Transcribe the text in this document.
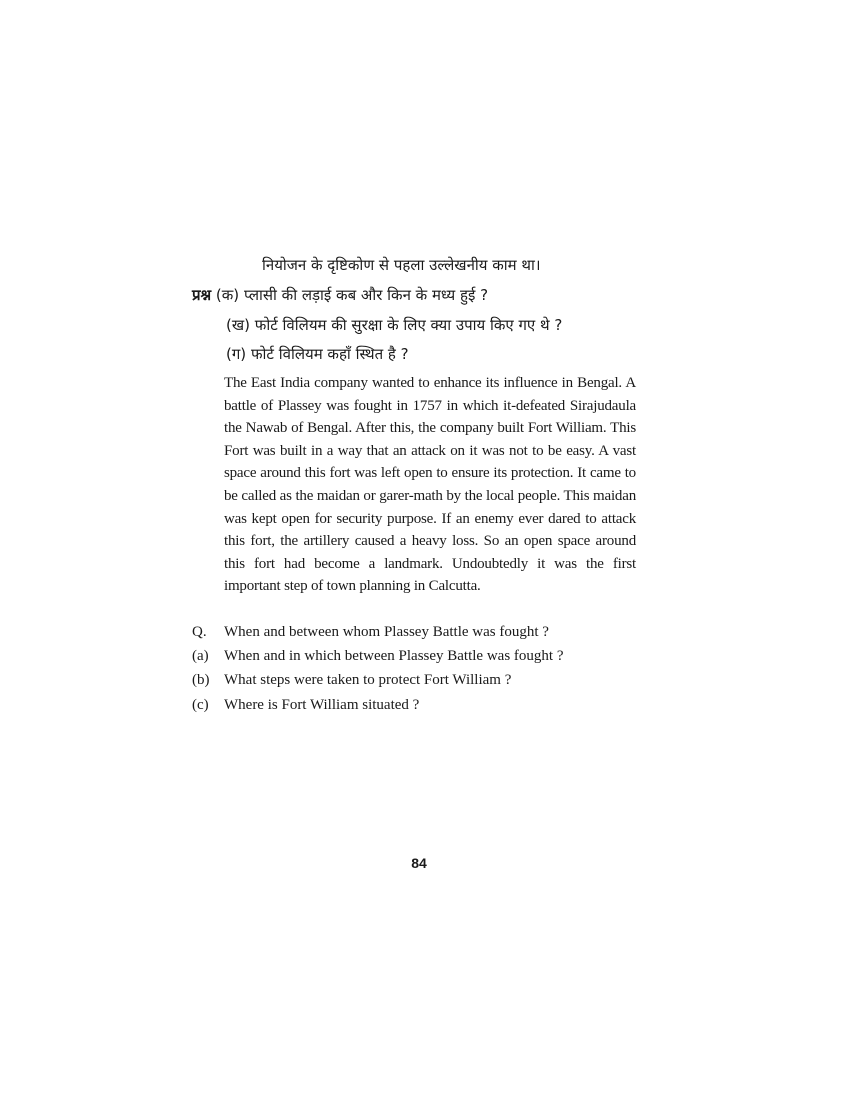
नियोजन के दृष्टिकोण से पहला उल्लेखनीय काम था।
प्रश्न (क) प्लासी की लड़ाई कब और किन के मध्य हुई ?
(ख) फोर्ट विलियम की सुरक्षा के लिए क्या उपाय किए गए थे ?
(ग) फोर्ट विलियम कहाँ स्थित है ?
The East India company wanted to enhance its influence in Bengal. A battle of Plassey was fought in 1757 in which it-defeated Sirajudaula the Nawab of Bengal. After this, the company built Fort William. This Fort was built in a way that an attack on it was not to be easy. A vast space around this fort was left open to ensure its protection. It came to be called as the maidan or garer-math by the local people. This maidan was kept open for security purpose. If an enemy ever dared to attack this fort, the artillery caused a heavy loss. So an open space around this fort had become a landmark. Undoubtedly it was the first important step of town planning in Calcutta.
Q. When and between whom Plassey Battle was fought ?
(a) When and in which between Plassey Battle was fought ?
(b) What steps were taken to protect Fort William ?
(c) Where is Fort William situated ?
84
